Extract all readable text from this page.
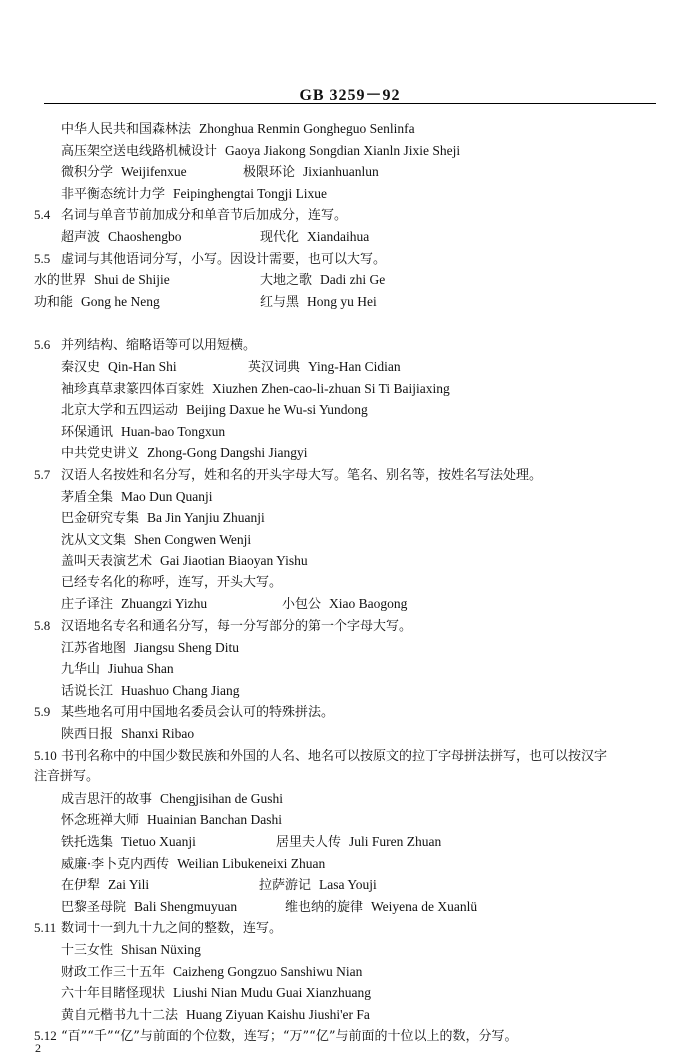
GB 3259－92
中华人民共和国森林法 Zhonghua Renmin Gongheguo Senlinfa
高压架空送电线路机械设计 Gaoya Jiakong Songdian Xianln Jixie Sheji
微积分学 Weijifenxue	极限环论 Jixianhuanlun
非平衡态统计力学 Feipinghengtai Tongji Lixue
5.4 名词与单音节前加成分和单音节后加成分，连写。
超声波 Chaoshengbo	现代化 Xiandaihua
5.5 虚词与其他语词分写，小写。因设计需要，也可以大写。
水的世界 Shui de Shijie	大地之歌 Dadi zhi Ge
功和能 Gong he Neng	红与黑 Hong yu Hei
5.6 并列结构、缩略语等可以用短横。
秦汉史 Qin-Han Shi	英汉词典 Ying-Han Cidian
袖珍真草隶篆四体百家姓 Xiuzhen Zhen-cao-li-zhuan Si Ti Baijiaxing
北京大学和五四运动 Beijing Daxue he Wu-si Yundong
环保通讯 Huan-bao Tongxun
中共党史讲义 Zhong-Gong Dangshi Jiangyi
5.7 汉语人名按姓和名分写，姓和名的开头字母大写。笔名、别名等，按姓名写法处理。
茅盾全集 Mao Dun Quanji
巴金研究专集 Ba Jin Yanjiu Zhuanji
沈从文文集 Shen Congwen Wenji
盖叫天表演艺术 Gai Jiaotian Biaoyan Yishu
已经专名化的称呼，连写，开头大写。
庄子译注 Zhuangzi Yizhu	小包公 Xiao Baogong
5.8 汉语地名专名和通名分写，每一分写部分的第一个字母大写。
江苏省地图 Jiangsu Sheng Ditu
九华山 Jiuhua Shan
话说长江 Huashuo Chang Jiang
5.9 某些地名可用中国地名委员会认可的特殊拼法。
陕西日报 Shanxi Ribao
5.10 书刊名称中的中国少数民族和外国的人名、地名可以按原文的拉丁字母拼法拼写，也可以按汉字
注音拼写。
成吉思汗的故事 Chengjisihan de Gushi
怀念班禅大师 Huainian Banchan Dashi
铁托选集 Tietuo Xuanji	居里夫人传 Juli Furen Zhuan
威廉·李卜克内西传 Weilian Libukeneixi Zhuan
在伊犁 Zai Yili	拉萨游记 Lasa Youji
巴黎圣母院 Bali Shengmuyuan	维也纳的旋律 Weiyena de Xuanlü
5.11 数词十一到九十九之间的整数，连写。
十三女性 Shisan Nüxing
财政工作三十五年 Caizheng Gongzuo Sanshiwu Nian
六十年目睹怪现状 Liushi Nian Mudu Guai Xianzhuang
黄自元楷书九十二法 Huang Ziyuan Kaishu Jiushi'er Fa
5.12 “百”“千”“亿”与前面的个位数，连写；“万”“亿”与前面的十位以上的数，分写。
2
